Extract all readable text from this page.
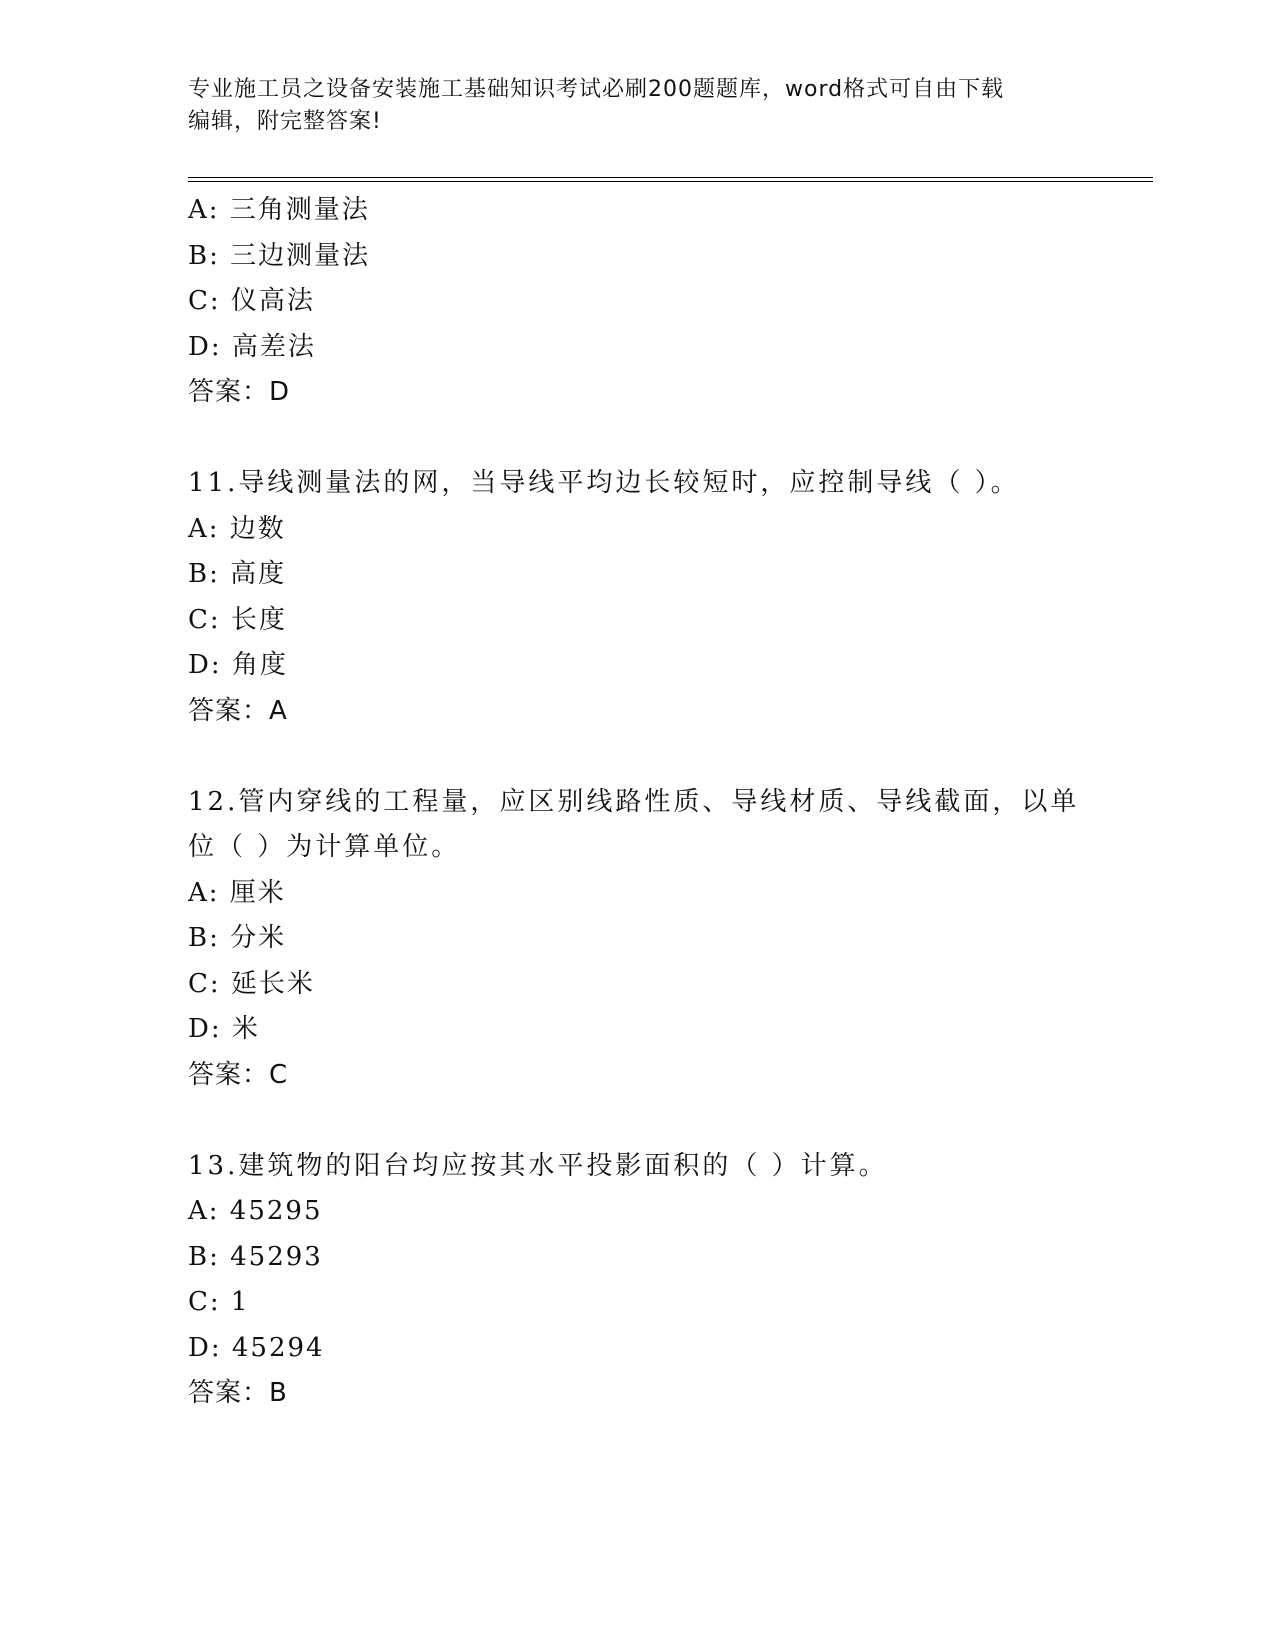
专业施工员之设备安装施工基础知识考试必刷200题题库，word格式可自由下载
编辑，附完整答案!
A: 三角测量法
B: 三边测量法
C: 仪高法
D: 高差法
答案：D
11.导线测量法的网，当导线平均边长较短时，应控制导线（ ）。
A: 边数
B: 高度
C: 长度
D: 角度
答案：A
12.管内穿线的工程量，应区别线路性质、导线材质、导线截面，以单
位（ ）为计算单位。
A: 厘米
B: 分米
C: 延长米
D: 米
答案：C
13.建筑物的阳台均应按其水平投影面积的（ ）计算。
A: 45295
B: 45293
C: 1
D: 45294
答案：B
